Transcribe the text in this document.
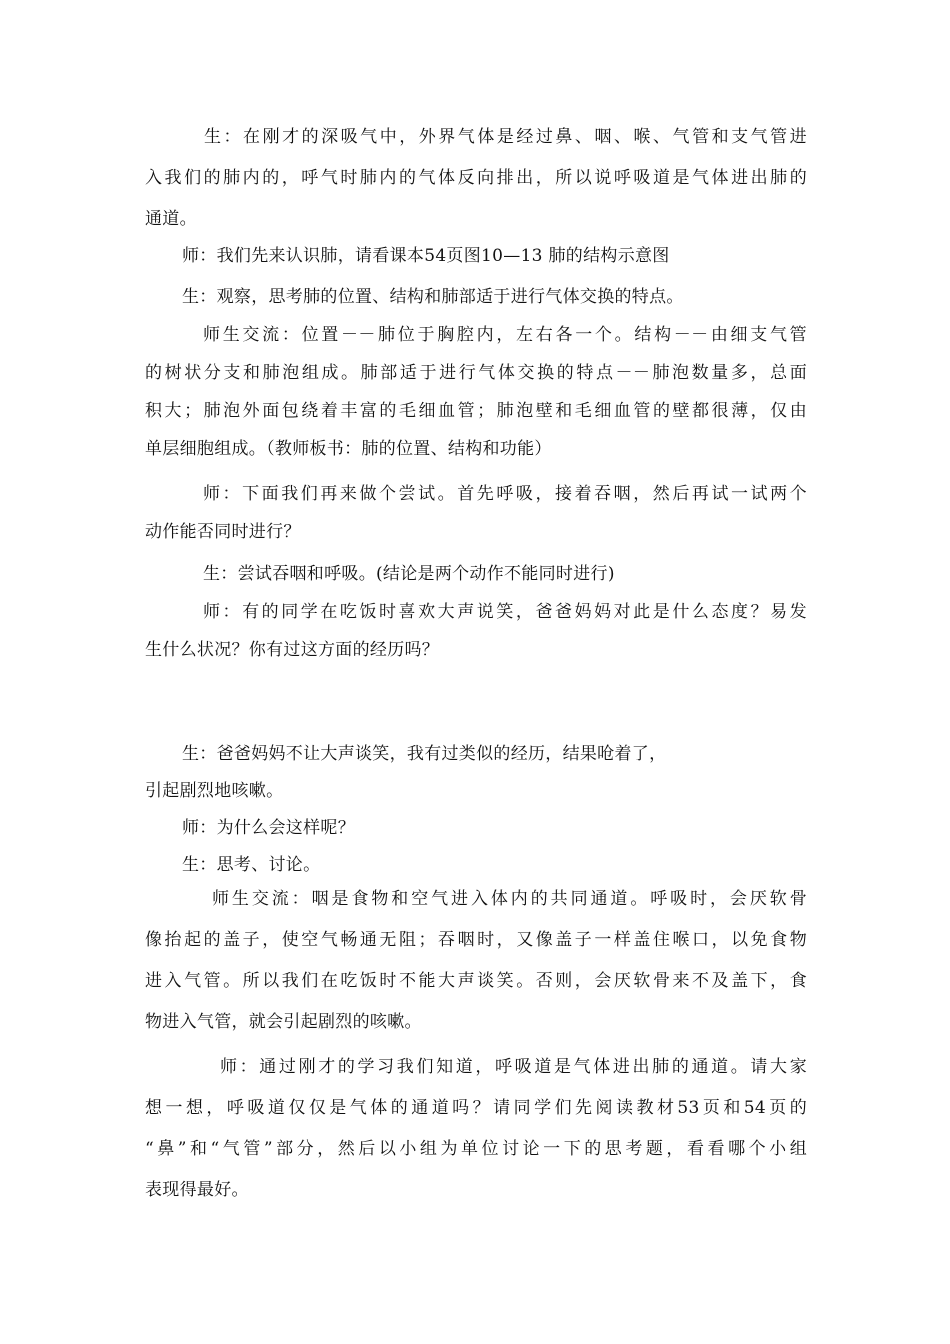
生：在刚才的深吸气中，外界气体是经过鼻、咽、喉、气管和支气管进
入我们的肺内的，呼气时肺内的气体反向排出，所以说呼吸道是气体进出肺的
通道。
师：我们先来认识肺，请看课本54页图10—13 肺的结构示意图
生：观察，思考肺的位置、结构和肺部适于进行气体交换的特点。
师生交流：位置－－肺位于胸腔内，左右各一个。结构－－由细支气管
的树状分支和肺泡组成。肺部适于进行气体交换的特点－－肺泡数量多，总面
积大；肺泡外面包绕着丰富的毛细血管；肺泡壁和毛细血管的壁都很薄，仅由
单层细胞组成。（教师板书：肺的位置、结构和功能）
师：下面我们再来做个尝试。首先呼吸，接着吞咽，然后再试一试两个
动作能否同时进行？
生：尝试吞咽和呼吸。(结论是两个动作不能同时进行)
师：有的同学在吃饭时喜欢大声说笑，爸爸妈妈对此是什么态度？易发
生什么状况？你有过这方面的经历吗？
生：爸爸妈妈不让大声谈笑，我有过类似的经历，结果呛着了，
引起剧烈地咳嗽。
师：为什么会这样呢？
生：思考、讨论。
师生交流：咽是食物和空气进入体内的共同通道。呼吸时，会厌软骨
像抬起的盖子，使空气畅通无阻；吞咽时，又像盖子一样盖住喉口，以免食物
进入气管。所以我们在吃饭时不能大声谈笑。否则，会厌软骨来不及盖下，食
物进入气管，就会引起剧烈的咳嗽。
师：通过刚才的学习我们知道，呼吸道是气体进出肺的通道。请大家
想一想，呼吸道仅仅是气体的通道吗？请同学们先阅读教材53页和54页的
“鼻”和“气管”部分，然后以小组为单位讨论一下的思考题，看看哪个小组
表现得最好。
